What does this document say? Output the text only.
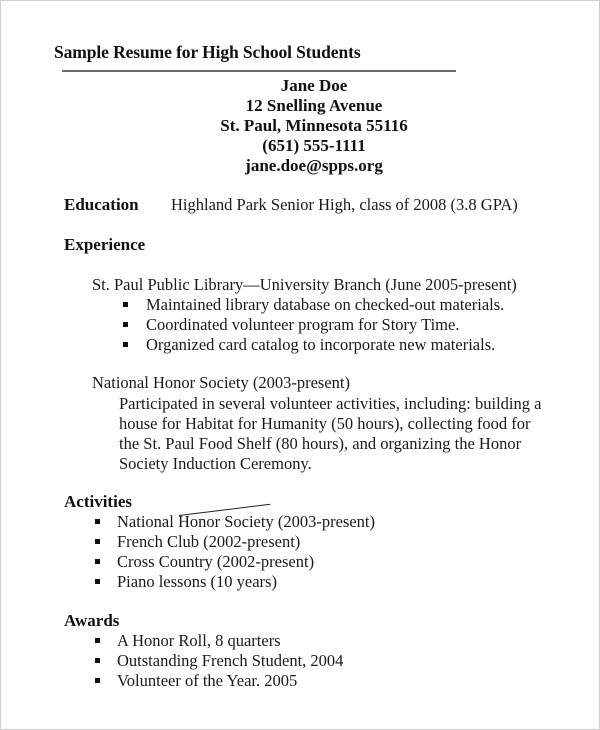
Sample Resume for High School Students
Jane Doe
12 Snelling Avenue
St. Paul, Minnesota 55116
(651) 555-1111
jane.doe@spps.org
Education Highland Park Senior High, class of 2008 (3.8 GPA)
Experience
St. Paul Public Library—University Branch (June 2005-present)
Maintained library database on checked-out materials.
Coordinated volunteer program for Story Time.
Organized card catalog to incorporate new materials.
National Honor Society (2003-present)
Participated in several volunteer activities, including: building a
house for Habitat for Humanity (50 hours), collecting food for
the St. Paul Food Shelf (80 hours), and organizing the Honor
Society Induction Ceremony.
Activities
National Honor Society (2003-present)
French Club (2002-present)
Cross Country (2002-present)
Piano lessons (10 years)
Awards
A Honor Roll, 8 quarters
Outstanding French Student, 2004
Volunteer of the Year. 2005
